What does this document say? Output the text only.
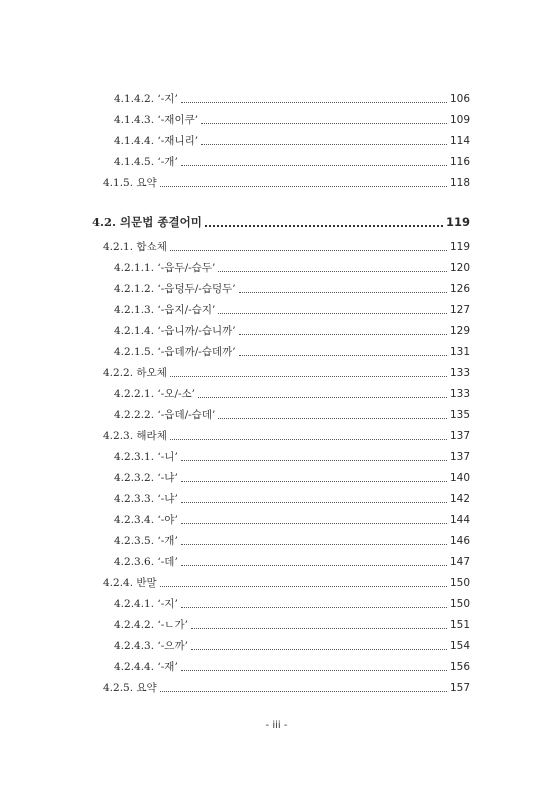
4.1.4.2. ‘-지’	106
4.1.4.3. ‘-재이쿠’	109
4.1.4.4. ‘-재니리’	114
4.1.4.5. ‘-개’	116
4.1.5. 요약	118
4.2. 의문법 종결어미	119
4.2.1. 합쇼체	119
4.2.1.1. ‘-읍두/-습두’	120
4.2.1.2. ‘-읍덩두/-습덩두’	126
4.2.1.3. ‘-읍지/-습지’	127
4.2.1.4. ‘-읍니까/-습니까’	129
4.2.1.5. ‘-읍데까/-습데까’	131
4.2.2. 하오체	133
4.2.2.1. ‘-오/-소’	133
4.2.2.2. ‘-읍데/-습데’	135
4.2.3. 해라체	137
4.2.3.1. ‘-니’	137
4.2.3.2. ‘-냐’	140
4.2.3.3. ‘-냐’	142
4.2.3.4. ‘-야’	144
4.2.3.5. ‘-개’	146
4.2.3.6. ‘-데’	147
4.2.4. 반말	150
4.2.4.1. ‘-지’	150
4.2.4.2. ‘-ㄴ가’	151
4.2.4.3. ‘-으까’	154
4.2.4.4. ‘-재’	156
4.2.5. 요약	157
- iii -
